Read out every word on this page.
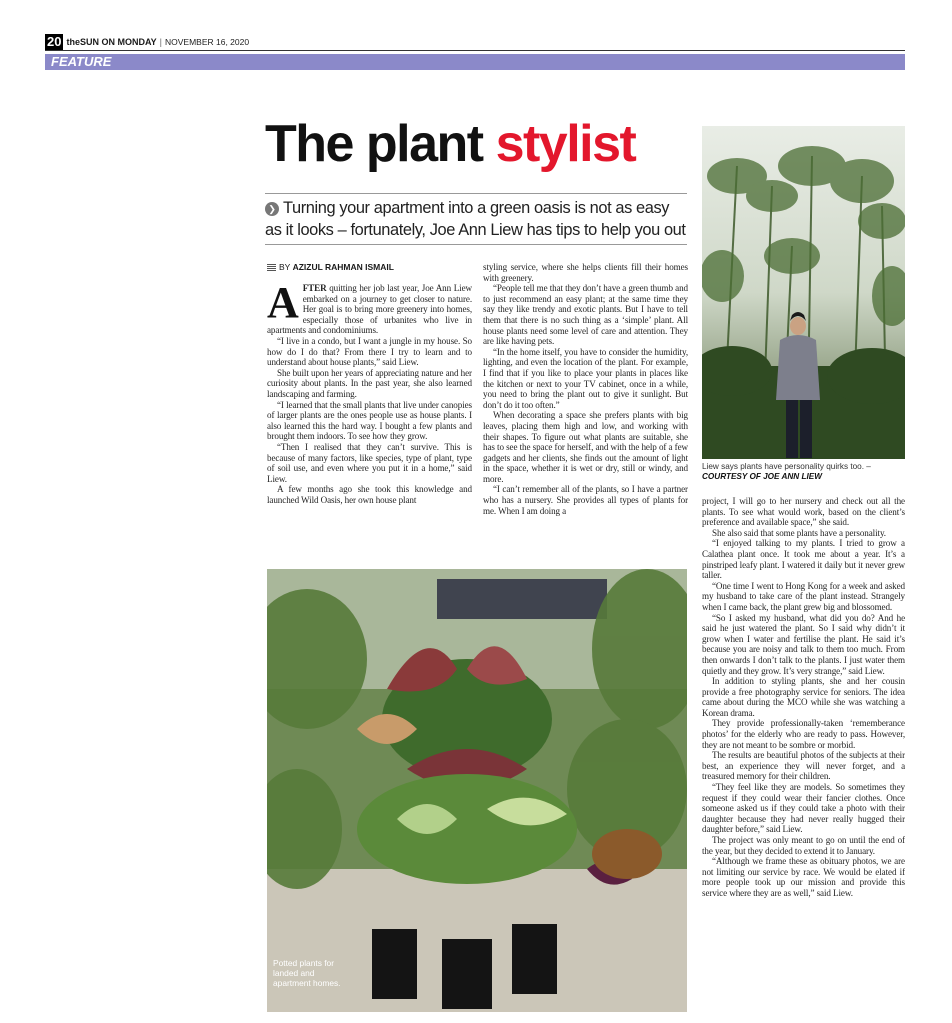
20 theSUN ON MONDAY | NOVEMBER 16, 2020
FEATURE
The plant stylist
❯ Turning your apartment into a green oasis is not as easy as it looks – fortunately, Joe Ann Liew has tips to help you out
BY AZIZUL RAHMAN ISMAIL

AFTER quitting her job last year, Joe Ann Liew embarked on a journey to get closer to nature. Her goal is to bring more greenery into homes, especially those of urbanites who live in apartments and condominiums.

“I live in a condo, but I want a jungle in my house. So how do I do that? From there I try to learn and to understand about house plants,” said Liew.

She built upon her years of appreciating nature and her curiosity about plants. In the past year, she also learned landscaping and farming.

“I learned that the small plants that live under canopies of larger plants are the ones people use as house plants. I also learned this the hard way. I bought a few plants and brought them indoors. To see how they grow.

“Then I realised that they can’t survive. This is because of many factors, like species, type of plant, type of soil use, and even where you put it in a home,” said Liew.

A few months ago she took this knowledge and launched Wild Oasis, her own house plant

styling service, where she helps clients fill their homes with greenery.

“People tell me that they don’t have a green thumb and to just recommend an easy plant; at the same time they say they like trendy and exotic plants. But I have to tell them that there is no such thing as a ‘simple’ plant. All house plants need some level of care and attention. They are like having pets.

“In the home itself, you have to consider the humidity, lighting, and even the location of the plant. For example, I find that if you like to place your plants in places like the kitchen or next to your TV cabinet, once in a while, you need to bring the plant out to give it sunlight. But don’t do it too often.”

When decorating a space she prefers plants with big leaves, placing them high and low, and working with their shapes. To figure out what plants are suitable, she has to see the space for herself, and with the help of a few gadgets and her clients, she finds out the amount of light in the space, whether it is wet or dry, still or windy, and more.

“I can’t remember all of the plants, so I have a partner who has a nursery. She provides all types of plants for me. When I am doing a

Liew says plants have personality quirks too. –
COURTESY OF JOE ANN LIEW

project, I will go to her nursery and check out all the plants. To see what would work, based on the client’s preference and available space,” she said.

She also said that some plants have a personality.

“I enjoyed talking to my plants. I tried to grow a Calathea plant once. It took me about a year. It’s a pinstriped leafy plant. I watered it daily but it never grew taller.

“One time I went to Hong Kong for a week and asked my husband to take care of the plant instead. Strangely when I came back, the plant grew big and blossomed.

“So I asked my husband, what did you do? And he said he just watered the plant. So I said why didn’t it grow when I water and fertilise the plant. He said it’s because you are noisy and talk to them too much. From then onwards I don’t talk to the plants. I just water them quietly and they grow. It’s very strange,” said Liew.

In addition to styling plants, she and her cousin provide a free photography service for seniors. The idea came about during the MCO while she was watching a Korean drama.

They provide professionally-taken ‘rememberance photos’ for the elderly who are ready to pass. However, they are not meant to be sombre or morbid.

The results are beautiful photos of the subjects at their best, an experience they will never forget, and a treasured memory for their children.

“They feel like they are models. So sometimes they request if they could wear their fancier clothes. Once someone asked us if they could take a photo with their daughter because they had never really hugged their daughter before,” said Liew.

The project was only meant to go on until the end of the year, but they decided to extend it to January.

“Although we frame these as obituary photos, we are not limiting our service by race. We would be elated if more people took up our mission and provide this service where they are as well,” said Liew.

Potted plants for landed and apartment homes.
